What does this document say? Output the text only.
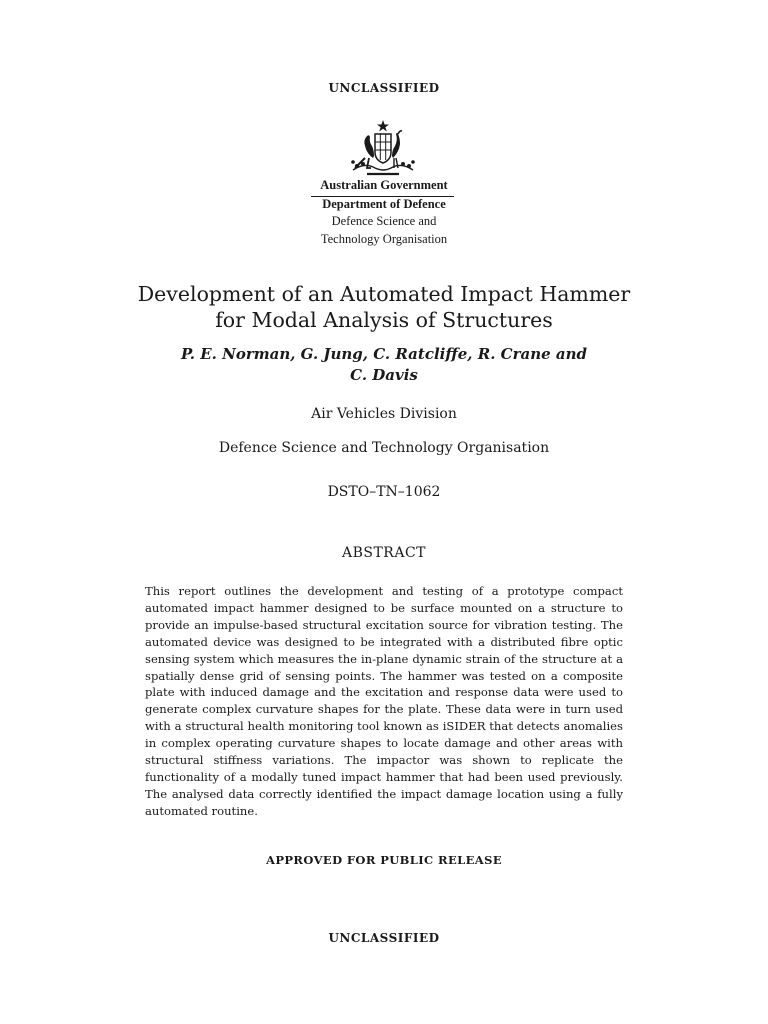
UNCLASSIFIED
Australian Government
Department of Defence
Defence Science and
Technology Organisation
Development of an Automated Impact Hammer
for Modal Analysis of Structures
P. E. Norman, G. Jung, C. Ratcliffe, R. Crane and
C. Davis
Air Vehicles Division
Defence Science and Technology Organisation
DSTO–TN–1062
ABSTRACT
This report outlines the development and testing of a prototype compact automated impact hammer designed to be surface mounted on a structure to provide an impulse-based structural excitation source for vibration testing. The automated device was designed to be integrated with a distributed fibre optic sensing system which measures the in-plane dynamic strain of the structure at a spatially dense grid of sensing points. The hammer was tested on a composite plate with induced damage and the excitation and response data were used to generate complex curvature shapes for the plate. These data were in turn used with a structural health monitoring tool known as iSIDER that detects anomalies in complex operating curvature shapes to locate damage and other areas with structural stiffness variations. The impactor was shown to replicate the functionality of a modally tuned impact hammer that had been used previously. The analysed data correctly identified the impact damage location using a fully automated routine.
APPROVED FOR PUBLIC RELEASE
UNCLASSIFIED
